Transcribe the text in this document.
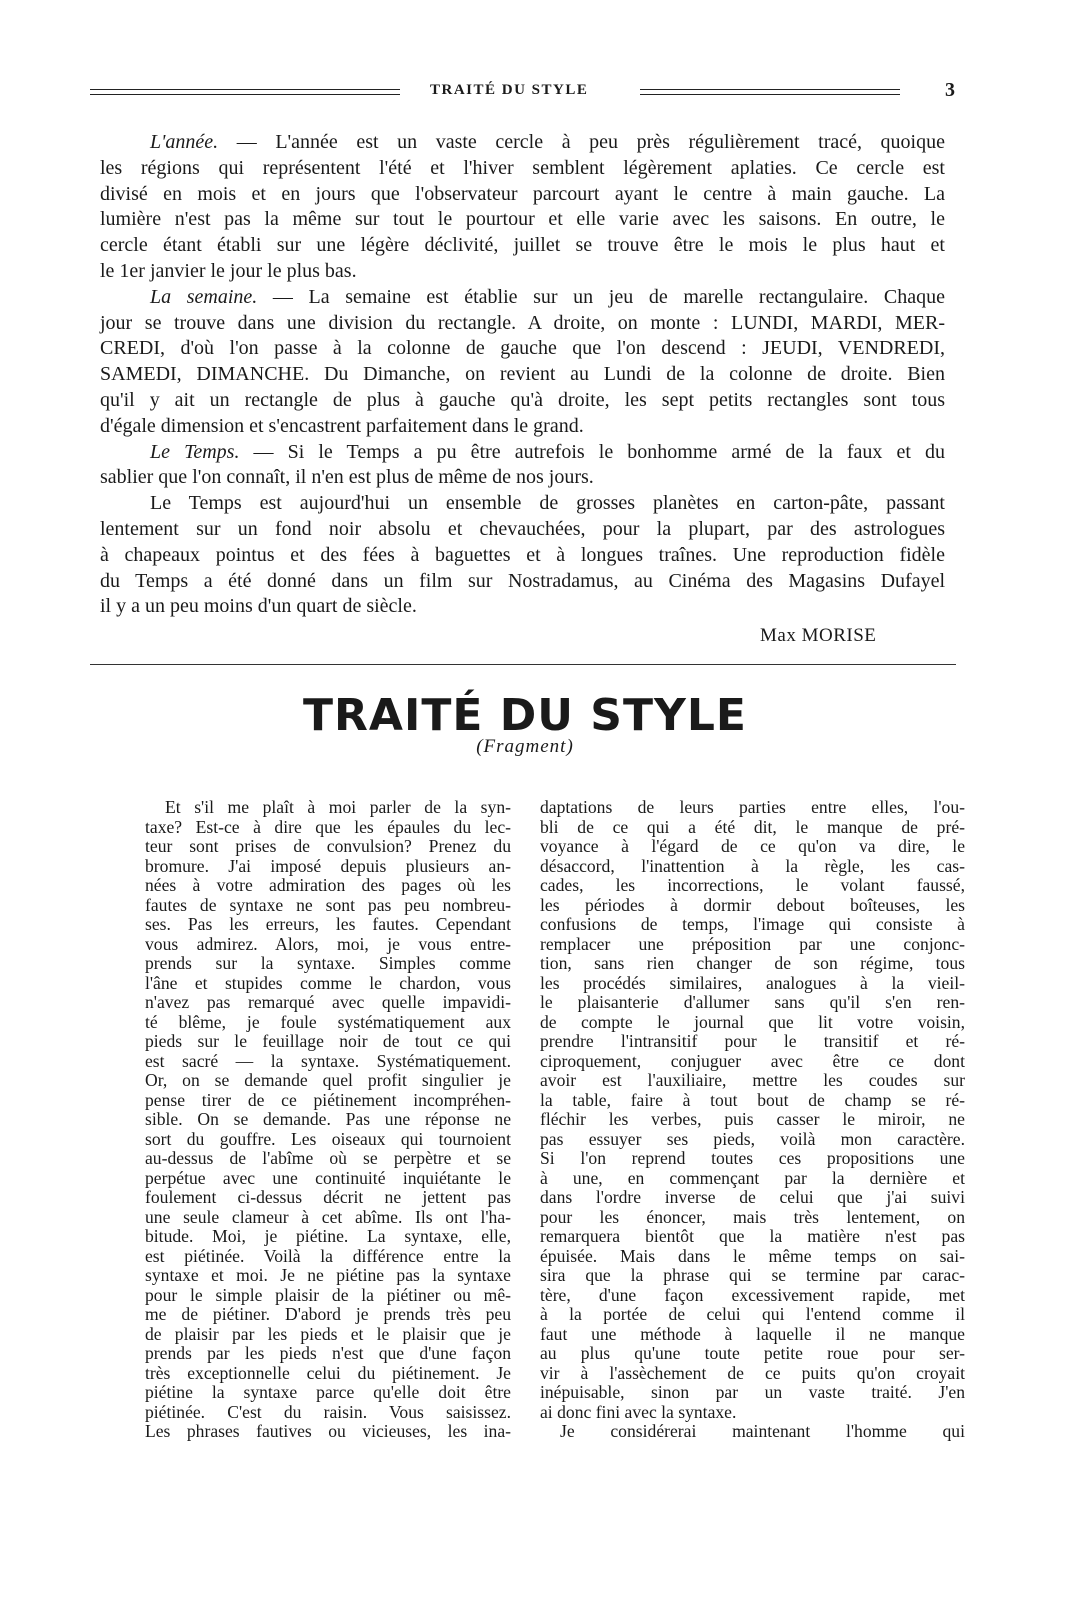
TRAITÉ DU STYLE	3
L'année. — L'année est un vaste cercle à peu près régulièrement tracé, quoique
les régions qui représentent l'été et l'hiver semblent légèrement aplaties. Ce cercle est
divisé en mois et en jours que l'observateur parcourt ayant le centre à main gauche. La
lumière n'est pas la même sur tout le pourtour et elle varie avec les saisons. En outre, le
cercle étant établi sur une légère déclivité, juillet se trouve être le mois le plus haut et
le 1er janvier le jour le plus bas.
La semaine. — La semaine est établie sur un jeu de marelle rectangulaire. Chaque
jour se trouve dans une division du rectangle. A droite, on monte : LUNDI, MARDI, MER-
CREDI, d'où l'on passe à la colonne de gauche que l'on descend : JEUDI, VENDREDI,
SAMEDI, DIMANCHE. Du Dimanche, on revient au Lundi de la colonne de droite. Bien
qu'il y ait un rectangle de plus à gauche qu'à droite, les sept petits rectangles sont tous
d'égale dimension et s'encastrent parfaitement dans le grand.
Le Temps. — Si le Temps a pu être autrefois le bonhomme armé de la faux et du
sablier que l'on connaît, il n'en est plus de même de nos jours.
Le Temps est aujourd'hui un ensemble de grosses planètes en carton-pâte, passant
lentement sur un fond noir absolu et chevauchées, pour la plupart, par des astrologues
à chapeaux pointus et des fées à baguettes et à longues traînes. Une reproduction fidèle
du Temps a été donné dans un film sur Nostradamus, au Cinéma des Magasins Dufayel
il y a un peu moins d'un quart de siècle.
Max MORISE
TRAITÉ DU STYLE
(Fragment)
Et s'il me plaît à moi parler de la syn-
taxe? Est-ce à dire que les épaules du lec-
teur sont prises de convulsion? Prenez du
bromure. J'ai imposé depuis plusieurs an-
nées à votre admiration des pages où les
fautes de syntaxe ne sont pas peu nombreu-
ses. Pas les erreurs, les fautes. Cependant
vous admirez. Alors, moi, je vous entre-
prends sur la syntaxe. Simples comme
l'âne et stupides comme le chardon, vous
n'avez pas remarqué avec quelle impavidi-
té blême, je foule systématiquement aux
pieds sur le feuillage noir de tout ce qui
est sacré — la syntaxe. Systématiquement.
Or, on se demande quel profit singulier je
pense tirer de ce piétinement incompréhen-
sible. On se demande. Pas une réponse ne
sort du gouffre. Les oiseaux qui tournoient
au-dessus de l'abîme où se perpètre et se
perpétue avec une continuité inquiétante le
foulement ci-dessus décrit ne jettent pas
une seule clameur à cet abîme. Ils ont l'ha-
bitude. Moi, je piétine. La syntaxe, elle,
est piétinée. Voilà la différence entre la
syntaxe et moi. Je ne piétine pas la syntaxe
pour le simple plaisir de la piétiner ou mê-
me de piétiner. D'abord je prends très peu
de plaisir par les pieds et le plaisir que je
prends par les pieds n'est que d'une façon
très exceptionnelle celui du piétinement. Je
piétine la syntaxe parce qu'elle doit être
piétinée. C'est du raisin. Vous saisissez.
Les phrases fautives ou vicieuses, les ina-
daptations de leurs parties entre elles, l'ou-
bli de ce qui a été dit, le manque de pré-
voyance à l'égard de ce qu'on va dire, le
désaccord, l'inattention à la règle, les cas-
cades, les incorrections, le volant faussé,
les périodes à dormir debout boîteuses, les
confusions de temps, l'image qui consiste à
remplacer une préposition par une conjonc-
tion, sans rien changer de son régime, tous
les procédés similaires, analogues à la vieil-
le plaisanterie d'allumer sans qu'il s'en ren-
de compte le journal que lit votre voisin,
prendre l'intransitif pour le transitif et ré-
ciproquement, conjuguer avec être ce dont
avoir est l'auxiliaire, mettre les coudes sur
la table, faire à tout bout de champ se ré-
fléchir les verbes, puis casser le miroir, ne
pas essuyer ses pieds, voilà mon caractère.
Si l'on reprend toutes ces propositions une
à une, en commençant par la dernière et
dans l'ordre inverse de celui que j'ai suivi
pour les énoncer, mais très lentement, on
remarquera bientôt que la matière n'est pas
épuisée. Mais dans le même temps on sai-
sira que la phrase qui se termine par carac-
tère, d'une façon excessivement rapide, met
à la portée de celui qui l'entend comme il
faut une méthode à laquelle il ne manque
au plus qu'une toute petite roue pour ser-
vir à l'assèchement de ce puits qu'on croyait
inépuisable, sinon par un vaste traité. J'en
ai donc fini avec la syntaxe.
Je considérerai maintenant l'homme qui
